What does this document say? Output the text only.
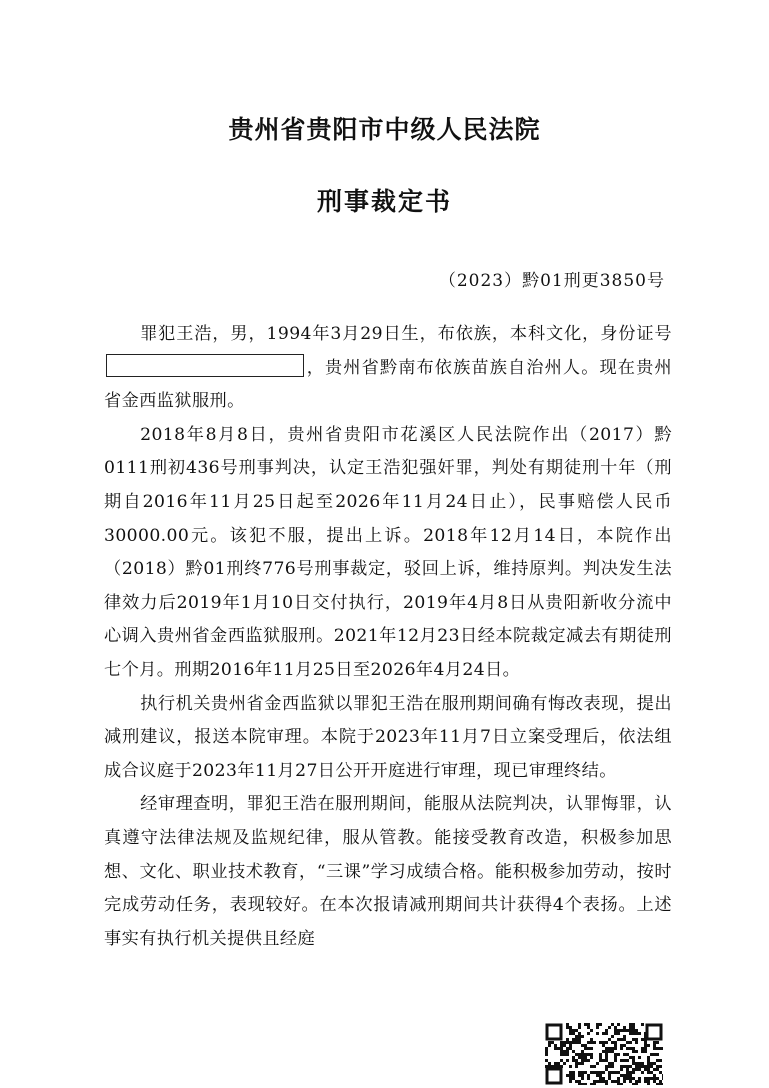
贵州省贵阳市中级人民法院
刑事裁定书
（2023）黔01刑更3850号

罪犯王浩，男，1994年3月29日生，布依族，本科文化，身份证号，贵州省黔南布依族苗族自治州人。现在贵州省金西监狱服刑。

2018年8月8日，贵州省贵阳市花溪区人民法院作出（2017）黔0111刑初436号刑事判决，认定王浩犯强奸罪，判处有期徒刑十年（刑期自2016年11月25日起至2026年11月24日止），民事赔偿人民币30000.00元。该犯不服，提出上诉。2018年12月14日，本院作出（2018）黔01刑终776号刑事裁定，驳回上诉，维持原判。判决发生法律效力后2019年1月10日交付执行，2019年4月8日从贵阳新收分流中心调入贵州省金西监狱服刑。2021年12月23日经本院裁定减去有期徒刑七个月。刑期2016年11月25日至2026年4月24日。

执行机关贵州省金西监狱以罪犯王浩在服刑期间确有悔改表现，提出减刑建议，报送本院审理。本院于2023年11月7日立案受理后，依法组成合议庭于2023年11月27日公开开庭进行审理，现已审理终结。

经审理查明，罪犯王浩在服刑期间，能服从法院判决，认罪悔罪，认真遵守法律法规及监规纪律，服从管教。能接受教育改造，积极参加思想、文化、职业技术教育，“三课”学习成绩合格。能积极参加劳动，按时完成劳动任务，表现较好。在本次报请减刑期间共计获得4个表扬。上述事实有执行机关提供且经庭
